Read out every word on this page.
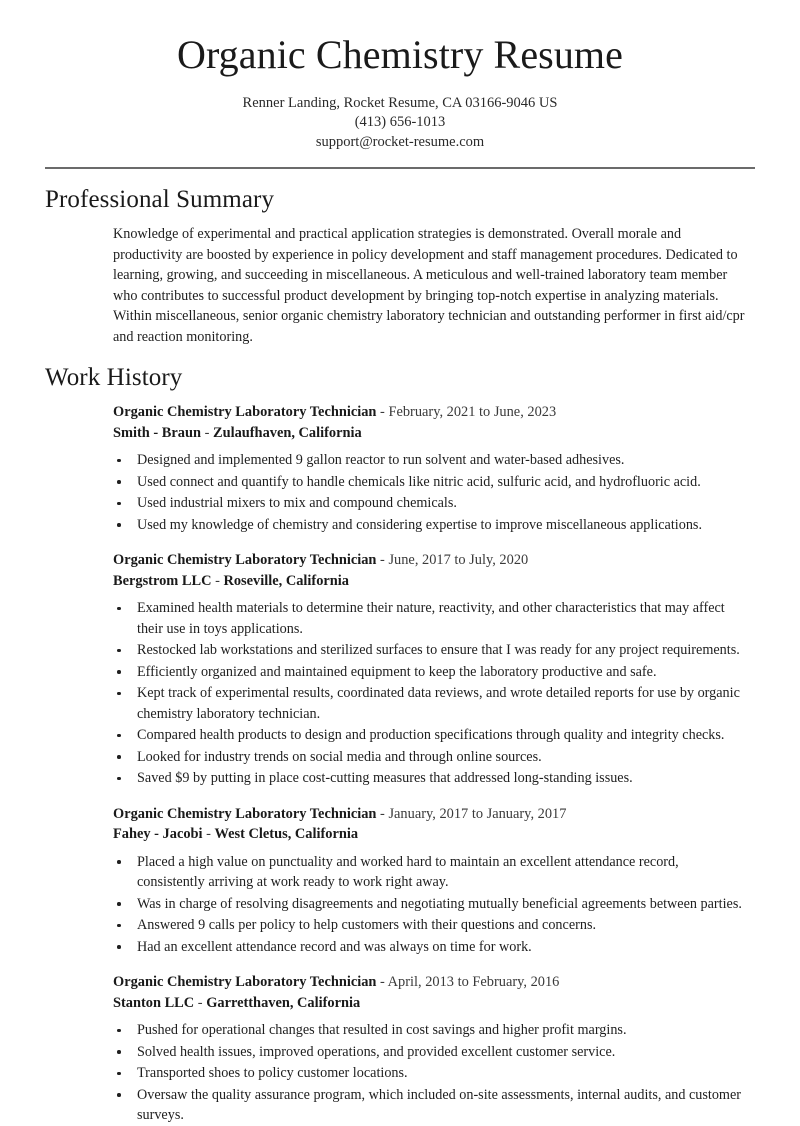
Organic Chemistry Resume

Renner Landing, Rocket Resume, CA 03166-9046 US

(413) 656-1013

support@rocket-resume.com

Professional Summary

Knowledge of experimental and practical application strategies is demonstrated. Overall morale and productivity are boosted by experience in policy development and staff management procedures. Dedicated to learning, growing, and succeeding in miscellaneous. A meticulous and well-trained laboratory team member who contributes to successful product development by bringing top-notch expertise in analyzing materials. Within miscellaneous, senior organic chemistry laboratory technician and outstanding performer in first aid/cpr and reaction monitoring.

Work History
Organic Chemistry Laboratory Technician - February, 2021 to June, 2023
Smith - Braun - Zulaufhaven, California
Designed and implemented 9 gallon reactor to run solvent and water-based adhesives.
Used connect and quantify to handle chemicals like nitric acid, sulfuric acid, and hydrofluoric acid.
Used industrial mixers to mix and compound chemicals.
Used my knowledge of chemistry and considering expertise to improve miscellaneous applications.
Organic Chemistry Laboratory Technician - June, 2017 to July, 2020
Bergstrom LLC - Roseville, California
Examined health materials to determine their nature, reactivity, and other characteristics that may affect their use in toys applications.
Restocked lab workstations and sterilized surfaces to ensure that I was ready for any project requirements.
Efficiently organized and maintained equipment to keep the laboratory productive and safe.
Kept track of experimental results, coordinated data reviews, and wrote detailed reports for use by organic chemistry laboratory technician.
Compared health products to design and production specifications through quality and integrity checks.
Looked for industry trends on social media and through online sources.
Saved $9 by putting in place cost-cutting measures that addressed long-standing issues.
Organic Chemistry Laboratory Technician - January, 2017 to January, 2017
Fahey - Jacobi - West Cletus, California
Placed a high value on punctuality and worked hard to maintain an excellent attendance record, consistently arriving at work ready to work right away.
Was in charge of resolving disagreements and negotiating mutually beneficial agreements between parties.
Answered 9 calls per policy to help customers with their questions and concerns.
Had an excellent attendance record and was always on time for work.
Organic Chemistry Laboratory Technician - April, 2013 to February, 2016
Stanton LLC - Garretthaven, California
Pushed for operational changes that resulted in cost savings and higher profit margins.
Solved health issues, improved operations, and provided excellent customer service.
Transported shoes to policy customer locations.
Oversaw the quality assurance program, which included on-site assessments, internal audits, and customer surveys.
